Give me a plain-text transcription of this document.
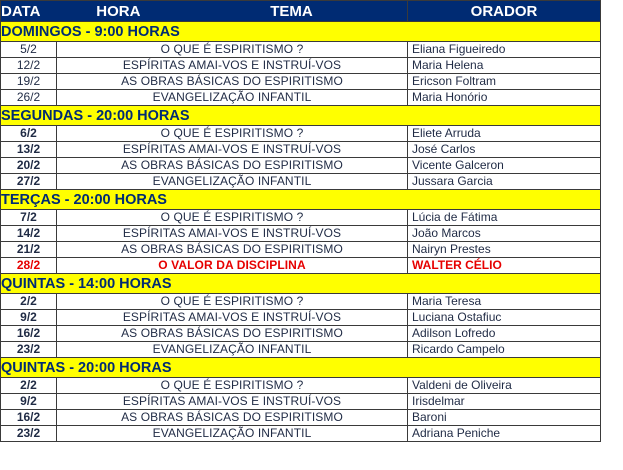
DATA HORA TEMA		ORADOR
DOMINGOS - 9:00 HORAS		
5/2	O QUE É ESPIRITISMO ?	Eliana Figueiredo
12/2	ESPÍRITAS AMAI-VOS E INSTRUÍ-VOS	Maria Helena
19/2	AS OBRAS BÁSICAS DO ESPIRITISMO	Ericson Foltram
26/2	EVANGELIZAÇÃO INFANTIL	Maria Honório
SEGUNDAS - 20:00 HORAS		
6/2	O QUE É ESPIRITISMO ?	Eliete Arruda
13/2	ESPÍRITAS AMAI-VOS E INSTRUÍ-VOS	José Carlos
20/2	AS OBRAS BÁSICAS DO ESPIRITISMO	Vicente Galceron
27/2	EVANGELIZAÇÃO INFANTIL	Jussara Garcia
TERÇAS - 20:00 HORAS		
7/2	O QUE É ESPIRITISMO ?	Lúcia de Fátima
14/2	ESPÍRITAS AMAI-VOS E INSTRUÍ-VOS	João Marcos
21/2	AS OBRAS BÁSICAS DO ESPIRITISMO	Nairyn Prestes
28/2	O VALOR DA DISCIPLINA	WALTER CÉLIO
QUINTAS - 14:00 HORAS		
2/2	O QUE É ESPIRITISMO ?	Maria Teresa
9/2	ESPÍRITAS AMAI-VOS E INSTRUÍ-VOS	Luciana Ostafiuc
16/2	AS OBRAS BÁSICAS DO ESPIRITISMO	Adilson Lofredo
23/2	EVANGELIZAÇÃO INFANTIL	Ricardo Campelo
QUINTAS - 20:00 HORAS		
2/2	O QUE É ESPIRITISMO ?	Valdeni de Oliveira
9/2	ESPÍRITAS AMAI-VOS E INSTRUÍ-VOS	Irisdelmar
16/2	AS OBRAS BÁSICAS DO ESPIRITISMO	Baroni
23/2	EVANGELIZAÇÃO INFANTIL	Adriana Peniche
